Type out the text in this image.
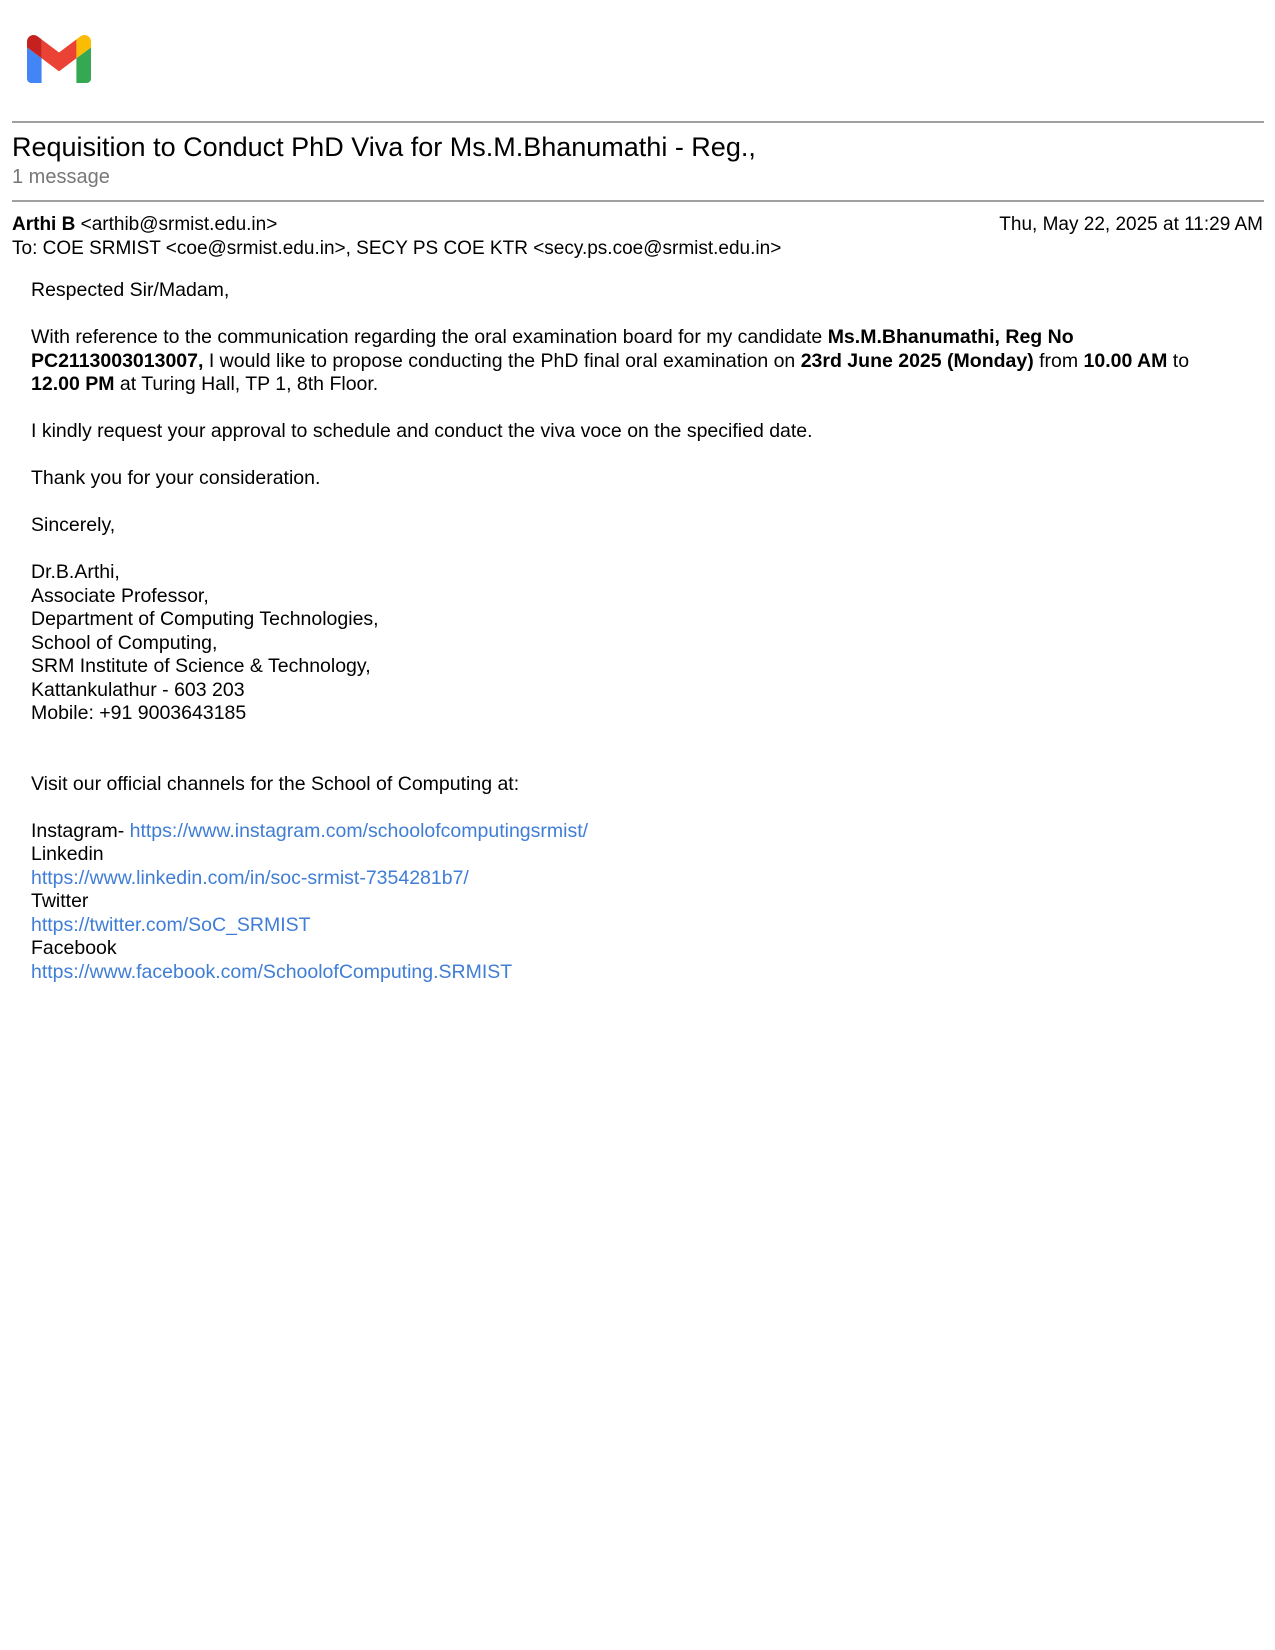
Requisition to Conduct PhD Viva for Ms.M.Bhanumathi - Reg.,
1 message
Arthi B <arthib@srmist.edu.in>	Thu, May 22, 2025 at 11:29 AM
To: COE SRMIST <coe@srmist.edu.in>, SECY PS COE KTR <secy.ps.coe@srmist.edu.in>

Respected Sir/Madam,

With reference to the communication regarding the oral examination board for my candidate Ms.M.Bhanumathi, Reg No PC2113003013007, I would like to propose conducting the PhD final oral examination on 23rd June 2025 (Monday) from 10.00 AM to 12.00 PM at Turing Hall, TP 1, 8th Floor.

I kindly request your approval to schedule and conduct the viva voce on the specified date.

Thank you for your consideration.

Sincerely,

Dr.B.Arthi,
Associate Professor,
Department of Computing Technologies,
School of Computing,
SRM Institute of Science & Technology,
Kattankulathur - 603 203
Mobile: +91 9003643185

Visit our official channels for the School of Computing at:

Instagram- https://www.instagram.com/schoolofcomputingsrmist/
Linkedin
https://www.linkedin.com/in/soc-srmist-7354281b7/
Twitter
https://twitter.com/SoC_SRMIST
Facebook
https://www.facebook.com/SchoolofComputing.SRMIST
